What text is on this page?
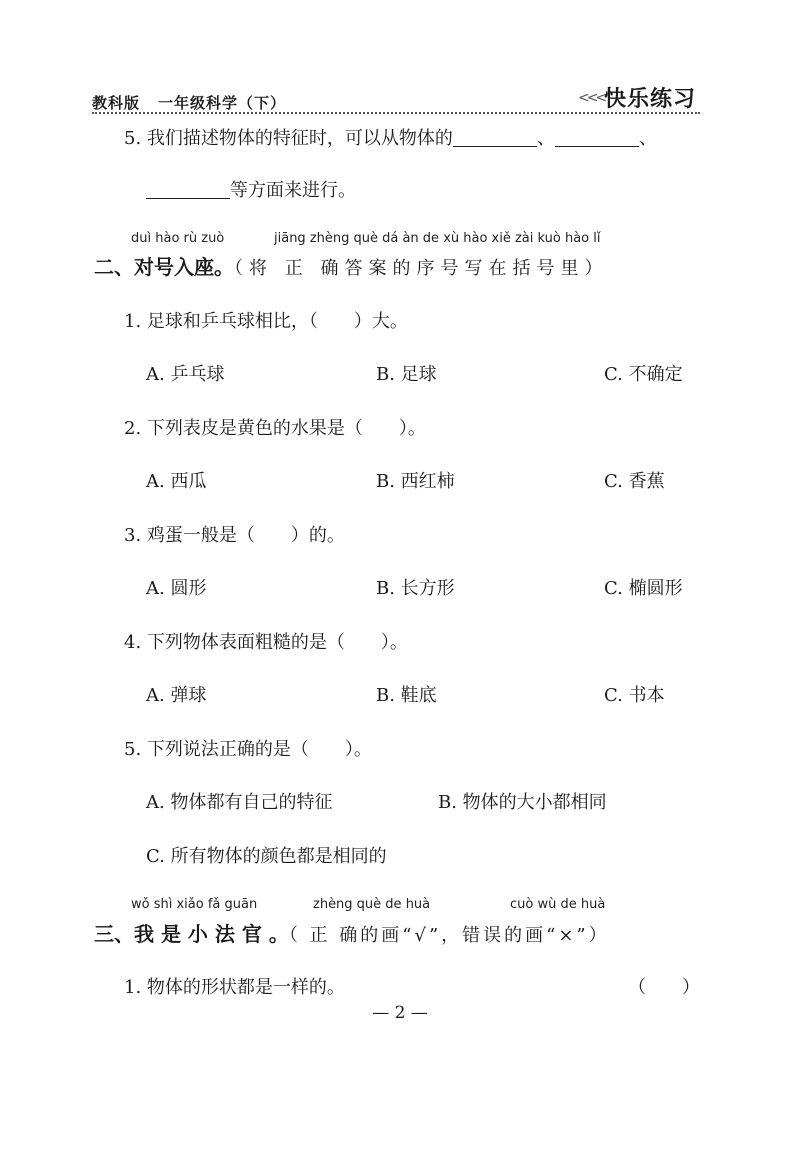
教科版 一年级科学（下）	<<< 快乐练习
5. 我们描述物体的特征时，可以从物体的	、	、
等方面来进行。
duì hào rù zuò	jiāng zhèng què dá àn de xù hào xiě zài kuò hào lǐ
二、对号入座。（将 正 确答案的序号写在括号里）
1. 足球和乒乓球相比，（　　）大。
A. 乒乓球	B. 足球	C. 不确定
2. 下列表皮是黄色的水果是（　　）。
A. 西瓜	B. 西红柿	C. 香蕉
3. 鸡蛋一般是（　　）的。
A. 圆形	B. 长方形	C. 椭圆形
4. 下列物体表面粗糙的是（　　）。
A. 弹球	B. 鞋底	C. 书本
5. 下列说法正确的是（　　）。
A. 物体都有自己的特征	B. 物体的大小都相同
C. 所有物体的颜色都是相同的
wǒ shì xiǎo fǎ guān	zhèng què de huà	cuò wù de huà
三、我 是 小 法 官 。（ 正 确的画“√”，错误的画“×”）
1. 物体的形状都是一样的。	（　　）
— 2 —
